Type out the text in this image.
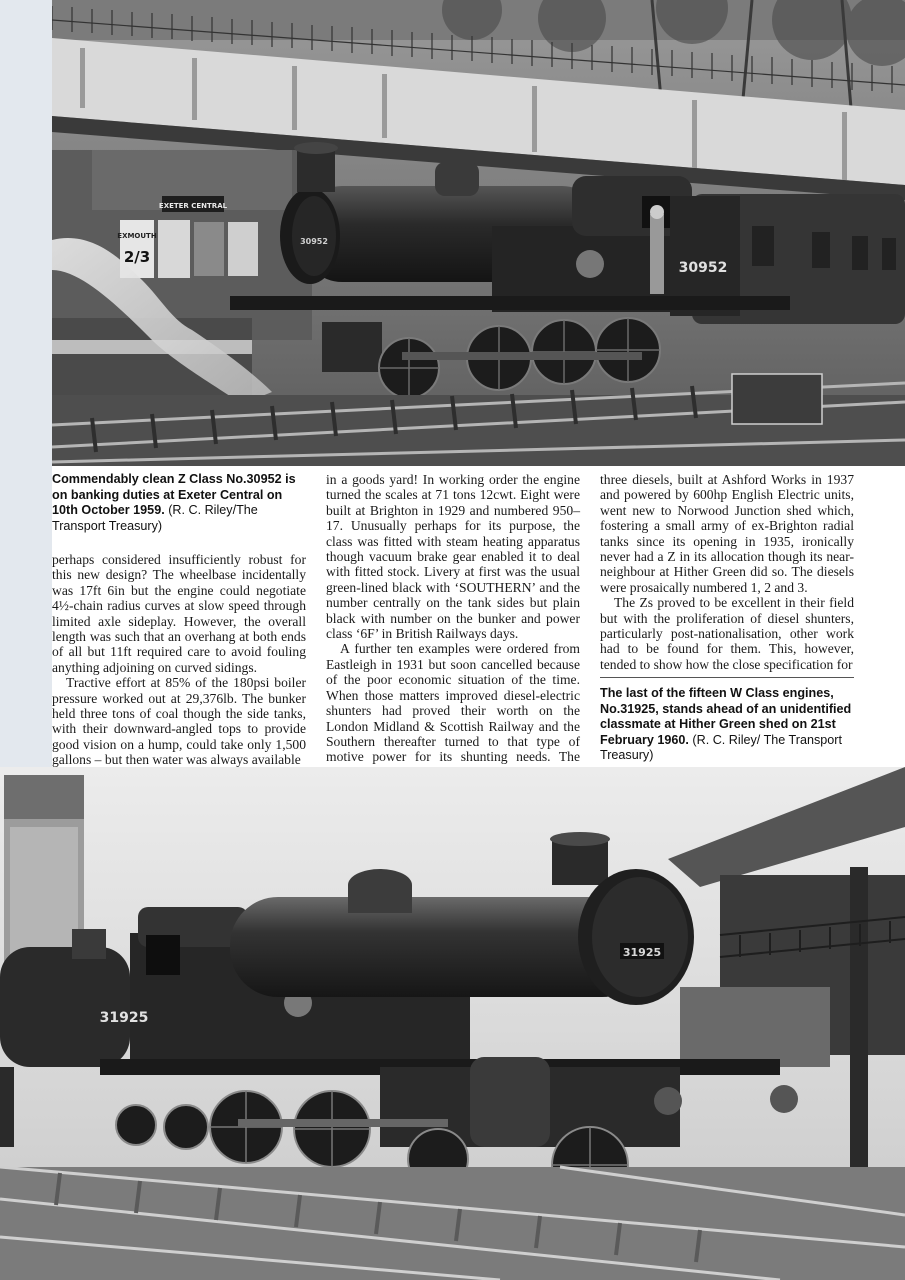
EXETER CENTRAL
EXMOUTH
2/3
30952
30952
Commendably clean Z Class No.30952 is on banking duties at Exeter Central on 10th October 1959. (R. C. Riley/The Transport Treasury)

perhaps considered insufficiently robust for this new design? The wheelbase incidentally was 17ft 6in but the engine could negotiate 4½-chain radius curves at slow speed through limited axle sideplay. However, the overall length was such that an overhang at both ends of all but 11ft required care to avoid fouling anything adjoining on curved sidings.

Tractive effort at 85% of the 180psi boiler pressure worked out at 29,376lb. The bunker held three tons of coal though the side tanks, with their downward-angled tops to provide good vision on a hump, could take only 1,500 gallons – but then water was always available

in a goods yard! In working order the engine turned the scales at 71 tons 12cwt. Eight were built at Brighton in 1929 and numbered 950–17. Unusually perhaps for its purpose, the class was fitted with steam heating apparatus though vacuum brake gear enabled it to deal with fitted stock. Livery at first was the usual green-lined black with ‘SOUTHERN’ and the number centrally on the tank sides but plain black with number on the bunker and power class ‘6F’ in British Railways days.

A further ten examples were ordered from Eastleigh in 1931 but soon cancelled because of the poor economic situation of the time. When those matters improved diesel-electric shunters had proved their worth on the London Midland & Scottish Railway and the Southern thereafter turned to that type of motive power for its shunting needs. The

three diesels, built at Ashford Works in 1937 and powered by 600hp English Electric units, went new to Norwood Junction shed which, fostering a small army of ex-Brighton radial tanks since its opening in 1935, ironically never had a Z in its allocation though its near-neighbour at Hither Green did so. The diesels were prosaically numbered 1, 2 and 3.

The Zs proved to be excellent in their field but with the proliferation of diesel shunters, particularly post-nationalisation, other work had to be found for them. This, however, tended to show how the close specification for

The last of the fifteen W Class engines, No.31925, stands ahead of an unidentified classmate at Hither Green shed on 21st February 1960. (R. C. Riley/ The Transport Treasury)
31925
31925
